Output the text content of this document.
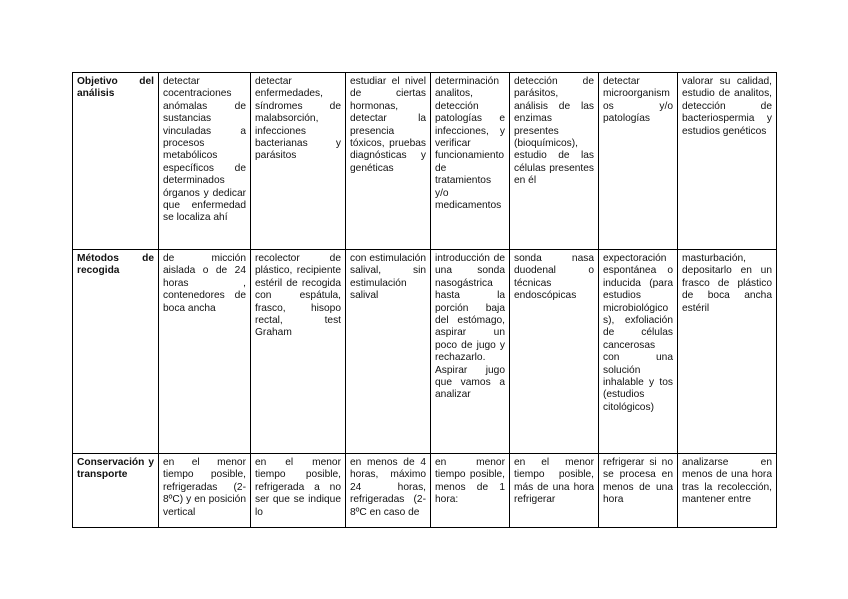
Objetivo del análisis	detectar cocentraciones anómalas de sustancias vinculadas a procesos metabólicos específicos de determinados órganos y dedicar que enfermedad se localiza ahí	detectar enfermedades, síndromes de malabsorción, infecciones bacterianas y parásitos	estudiar el nivel de ciertas hormonas, detectar la presencia tóxicos, pruebas diagnósticas y genéticas	determinación analitos, detección patologías e infecciones, y verificar funcionamiento de tratamientos y/o medicamentos	detección de parásitos, análisis de las enzimas presentes (bioquímicos), estudio de las células presentes en él	detectar microorganismos y/o patologías	valorar su calidad, estudio de analitos, detección de bacteriospermia y estudios genéticos

Métodos de recogida	de micción aislada o de 24 horas , contenedores de boca ancha	recolector de plástico, recipiente estéril de recogida con espátula, frasco, hisopo rectal, test Graham	con estimulación salival, sin estimulación salival	introducción de una sonda nasogástrica hasta la porción baja del estómago, aspirar un poco de jugo y rechazarlo. Aspirar jugo que vamos a analizar	sonda nasa duodenal o técnicas endoscópicas	expectoración espontánea o inducida (para estudios microbiológicos), exfoliación de células cancerosas con una solución inhalable y tos (estudios citológicos)	masturbación, depositarlo en un frasco de plástico de boca ancha estéril

Conservación y transporte	en el menor tiempo posible, refrigeradas (2-8ºC) y en posición vertical	en el menor tiempo posible, refrigerada a no ser que se indique lo	en menos de 4 horas, máximo 24 horas, refrigeradas (2-8ºC en caso de	en menor tiempo posible, menos de 1 hora:	en el menor tiempo posible, más de una hora refrigerar	refrigerar si no se procesa en menos de una hora	analizarse en menos de una hora tras la recolección, mantener entre
